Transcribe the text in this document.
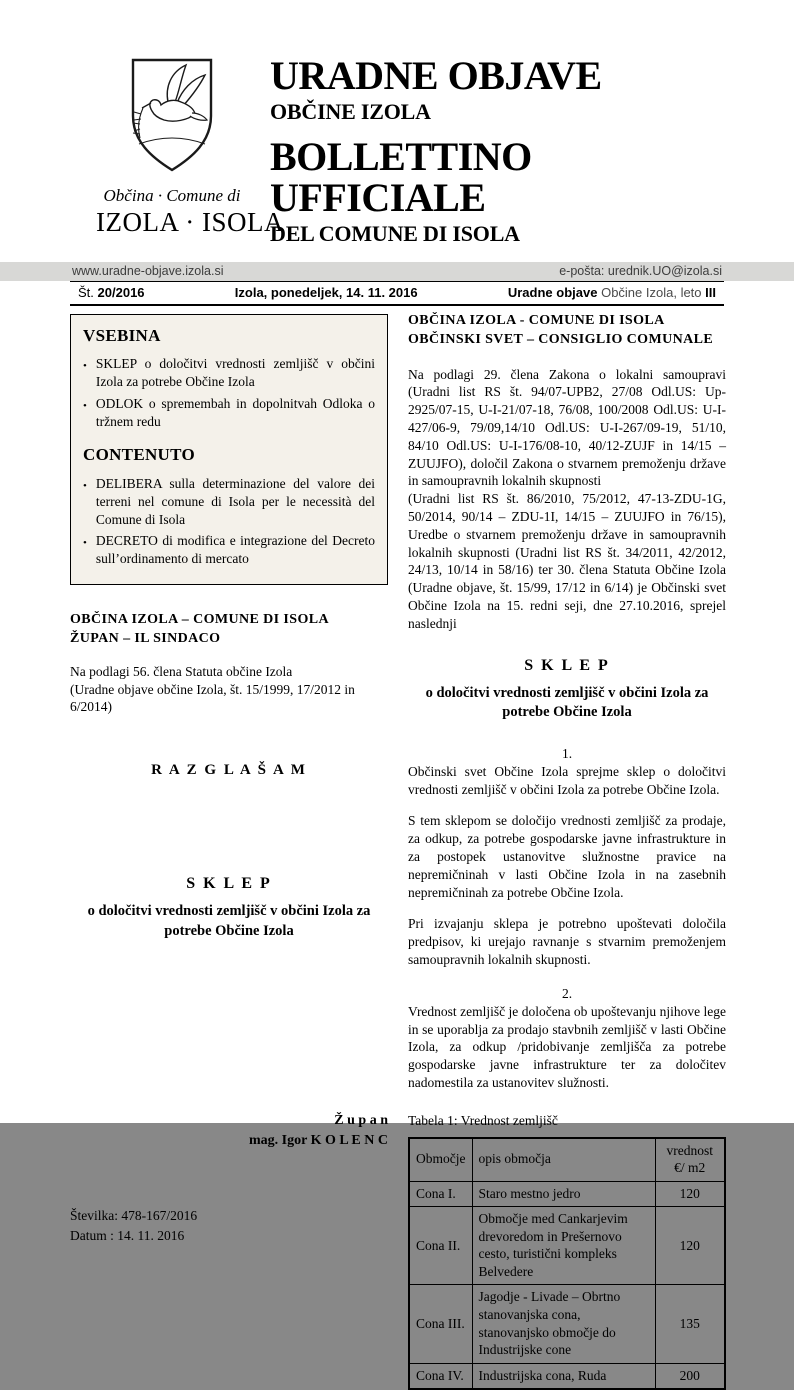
Občina · Comune di
IZOLA · ISOLA
URADNE OBJAVE
OBČINE IZOLA
BOLLETTINO UFFICIALE
DEL COMUNE DI ISOLA
www.uradne-objave.izola.si	e-pošta: urednik.UO@izola.si
Št. 20/2016	Izola, ponedeljek, 14. 11. 2016	Uradne objave Občine Izola, leto III
VSEBINA
•
SKLEP o določitvi vrednosti zemljišč v občini Izola za potrebe Občine Izola
•
ODLOK o spremembah in dopolnitvah Odloka o tržnem redu
CONTENUTO
•
DELIBERA sulla determinazione del valore dei terreni nel comune di Isola per le necessità del Comune di Isola
•
DECRETO di modifica e integrazione del Decreto sull’ordinamento di mercato
OBČINA IZOLA – COMUNE DI ISOLA
ŽUPAN – IL SINDACO
Na podlagi 56. člena Statuta občine Izola
(Uradne objave občine Izola, št. 15/1999, 17/2012 in 6/2014)
R A Z G L A Š A M
S K L E P
o določitvi vrednosti zemljišč v občini Izola za potrebe Občine Izola
Ž u p a n
mag. Igor K O L E N C
Številka: 478-167/2016
Datum : 14. 11. 2016
OBČINA IZOLA - COMUNE DI ISOLA
OBČINSKI SVET – CONSIGLIO COMUNALE
Na podlagi 29. člena Zakona o lokalni samoupravi (Uradni list RS št. 94/07-UPB2, 27/08 Odl.US: Up-2925/07-15, U-I-21/07-18, 76/08, 100/2008 Odl.US: U-I-427/06-9, 79/09,14/10 Odl.US: U-I-267/09-19, 51/10, 84/10 Odl.US: U-I-176/08-10, 40/12-ZUJF in 14/15 – ZUUJFO), določil Zakona o stvarnem premoženju države in samoupravnih lokalnih skupnosti
(Uradni list RS št. 86/2010, 75/2012, 47-13-ZDU-1G, 50/2014, 90/14 – ZDU-1I, 14/15 – ZUUJFO in 76/15), Uredbe o stvarnem premoženju države in samoupravnih lokalnih skupnosti (Uradni list RS št. 34/2011, 42/2012, 24/13, 10/14 in 58/16) ter 30. člena Statuta Občine Izola (Uradne objave, št. 15/99, 17/12 in 6/14) je Občinski svet Občine Izola na 15. redni seji, dne 27.10.2016, sprejel naslednji
S K L E P
o določitvi vrednosti zemljišč v občini Izola za potrebe Občine Izola
1.
Občinski svet Občine Izola sprejme sklep o določitvi vrednosti zemljišč v občini Izola za potrebe Občine Izola.
S tem sklepom se določijo vrednosti zemljišč za prodaje, za odkup, za potrebe gospodarske javne infrastrukture in za postopek ustanovitve služnostne pravice na nepremičninah v lasti Občine Izola in na zasebnih nepremičninah za potrebe Občine Izola.
Pri izvajanju sklepa je potrebno upoštevati določila predpisov, ki urejajo ravnanje s stvarnim premoženjem samoupravnih lokalnih skupnosti.
2.
Vrednost zemljišč je določena ob upoštevanju njihove lege in se uporablja za prodajo stavbnih zemljišč v lasti Občine Izola, za odkup /pridobivanje zemljišča za potrebe gospodarske javne infrastrukture ter za določitev nadomestila za ustanovitev služnosti.
Tabela 1: Vrednost zemljišč
Območje	opis območja	vrednost €/ m2
Cona I.	Staro mestno jedro	120
Cona II.	Območje med Cankarjevim drevoredom in Prešernovo cesto, turistični kompleks Belvedere	120
Cona III.	Jagodje - Livade – Obrtno stanovanjska cona, stanovanjsko območje do Industrijske cone	135
Cona IV.	Industrijska cona, Ruda	200
